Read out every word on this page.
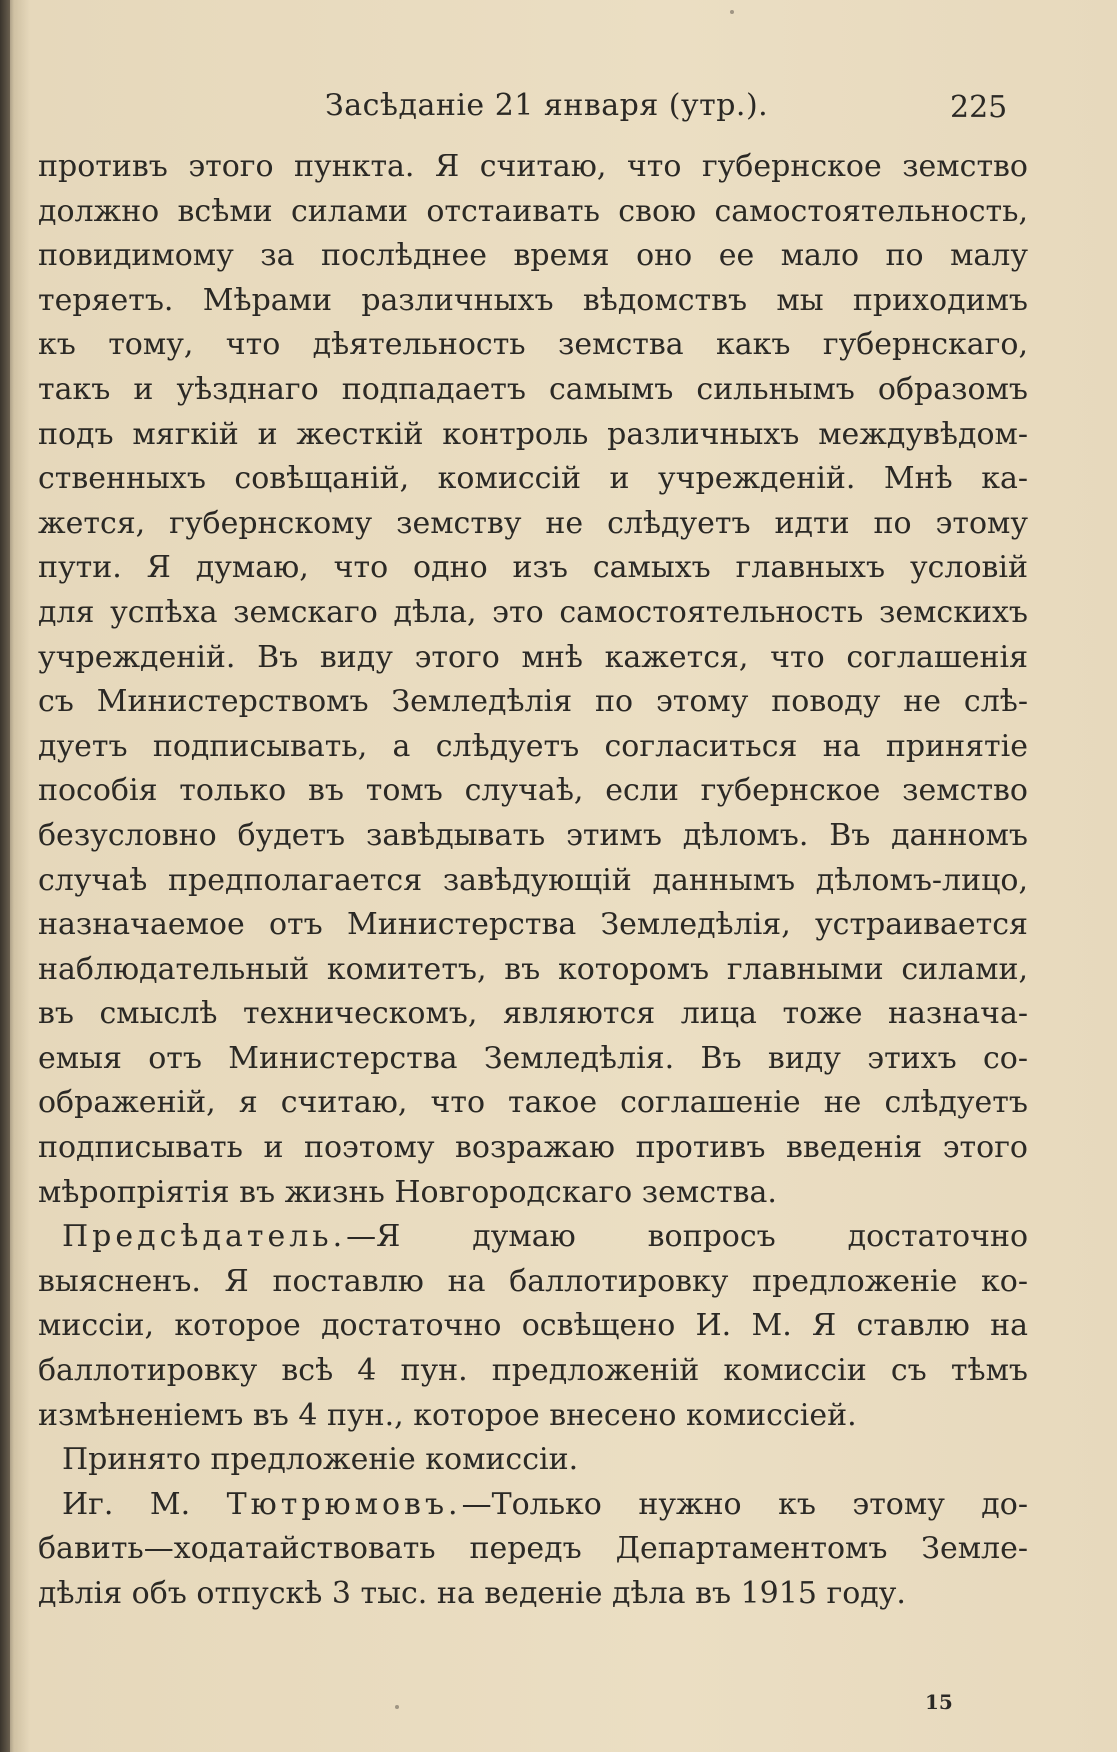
Засѣданіе 21 января (утр.).	225
противъ этого пункта. Я считаю, что губернское земство
должно всѣми силами отстаивать свою самостоятельность,
повидимому за послѣднее время оно ее мало по малу
теряетъ. Мѣрами различныхъ вѣдомствъ мы приходимъ
къ тому, что дѣятельность земства какъ губернскаго,
такъ и уѣзднаго подпадаетъ самымъ сильнымъ образомъ
подъ мягкій и жесткій контроль различныхъ междувѣдом-
ственныхъ совѣщаній, комиссій и учрежденій. Мнѣ ка-
жется, губернскому земству не слѣдуетъ идти по этому
пути. Я думаю, что одно изъ самыхъ главныхъ условій
для успѣха земскаго дѣла, это самостоятельность земскихъ
учрежденій. Въ виду этого мнѣ кажется, что соглашенія
съ Министерствомъ Земледѣлія по этому поводу не слѣ-
дуетъ подписывать, а слѣдуетъ согласиться на принятіе
пособія только въ томъ случаѣ, если губернское земство
безусловно будетъ завѣдывать этимъ дѣломъ. Въ данномъ
случаѣ предполагается завѣдующій даннымъ дѣломъ-лицо,
назначаемое отъ Министерства Земледѣлія, устраивается
наблюдательный комитетъ, въ которомъ главными силами,
въ смыслѣ техническомъ, являются лица тоже назнача-
емыя отъ Министерства Земледѣлія. Въ виду этихъ со-
ображеній, я считаю, что такое соглашеніе не слѣдуетъ
подписывать и поэтому возражаю противъ введенія этого
мѣропріятія въ жизнь Новгородскаго земства.
Предсѣдатель.—Я думаю вопросъ достаточно
выясненъ. Я поставлю на баллотировку предложеніе ко-
миссіи, которое достаточно освѣщено И. М. Я ставлю на
баллотировку всѣ 4 пун. предложеній комиссіи съ тѣмъ
измѣненіемъ въ 4 пун., которое внесено комиссіей.
Принято предложеніе комиссіи.
Иг. М. Тютрюмовъ.—Только нужно къ этому до-
бавить—ходатайствовать передъ Департаментомъ Земле-
дѣлія объ отпускѣ 3 тыс. на веденіе дѣла въ 1915 году.
15
